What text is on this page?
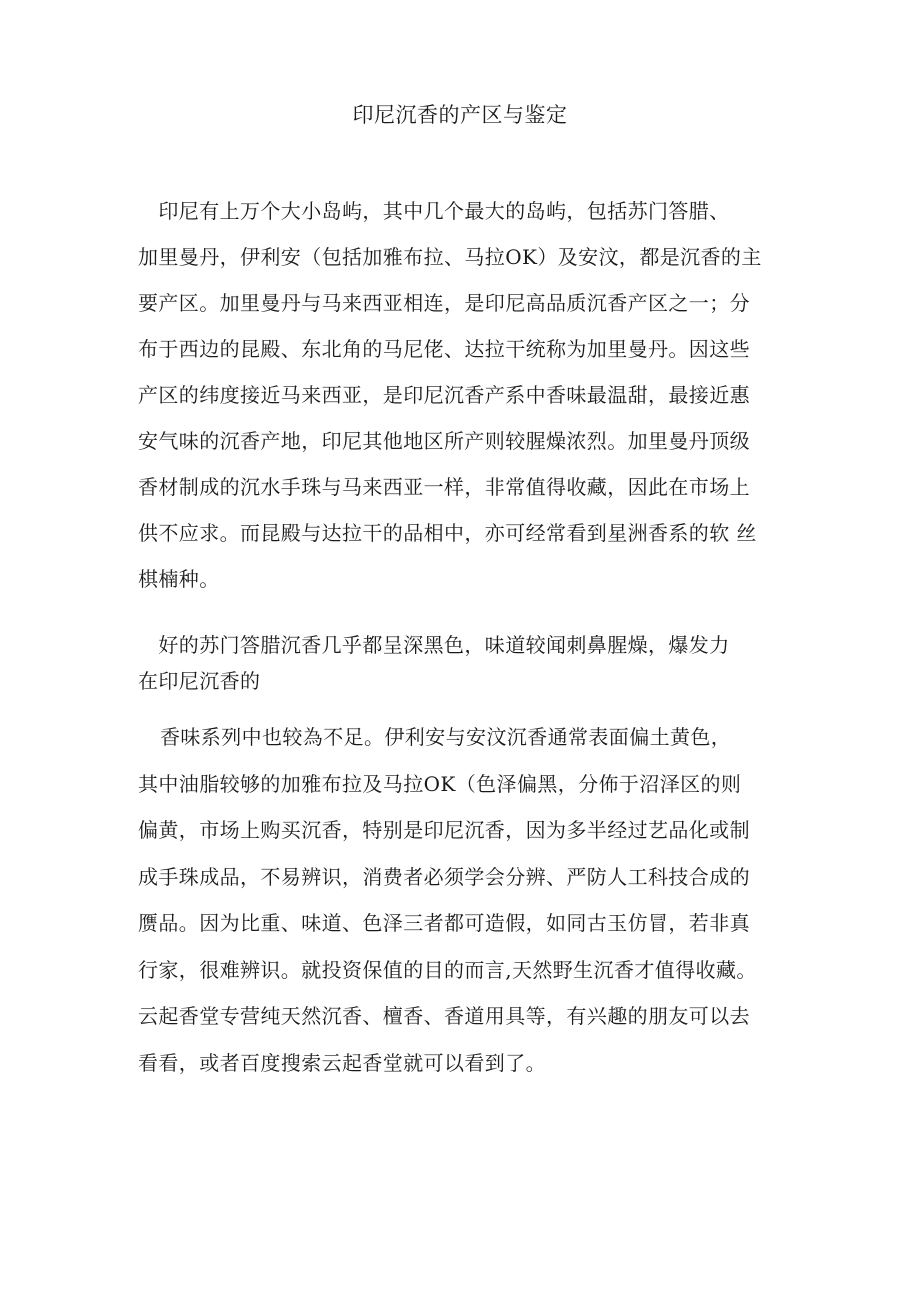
印尼沉香的产区与鉴定
　印尼有上万个大小岛屿，其中几个最大的岛屿，包括苏门答腊、
加里曼丹，伊利安（包括加雅布拉、马拉OK）及安汶，都是沉香的主
要产区。加里曼丹与马来西亚相连，是印尼高品质沉香产区之一；分
布于西边的昆殿、东北角的马尼佬、达拉干统称为加里曼丹。因这些
产区的纬度接近马来西亚，是印尼沉香产系中香味最温甜，最接近惠
安气味的沉香产地，印尼其他地区所产则较腥燥浓烈。加里曼丹顶级
香材制成的沉水手珠与马来西亚一样，非常值得收藏，因此在市场上
供不应求。而昆殿与达拉干的品相中，亦可经常看到星洲香系的软 丝
棋楠种。
　好的苏门答腊沉香几乎都呈深黑色，味道较闻刺鼻腥燥，爆发力
在印尼沉香的
香味系列中也较為不足。伊利安与安汶沉香通常表面偏土黄色，
其中油脂较够的加雅布拉及马拉OK（色泽偏黑，分佈于沼泽区的则
偏黄，市场上购买沉香，特别是印尼沉香，因为多半经过艺品化或制
成手珠成品，不易辨识，消费者必须学会分辨、严防人工科技合成的
赝品。因为比重、味道、色泽三者都可造假，如同古玉仿冒，若非真
行家，很难辨识。就投资保值的目的而言,天然野生沉香才值得收藏。
云起香堂专营纯天然沉香、檀香、香道用具等，有兴趣的朋友可以去
看看，或者百度搜索云起香堂就可以看到了。
